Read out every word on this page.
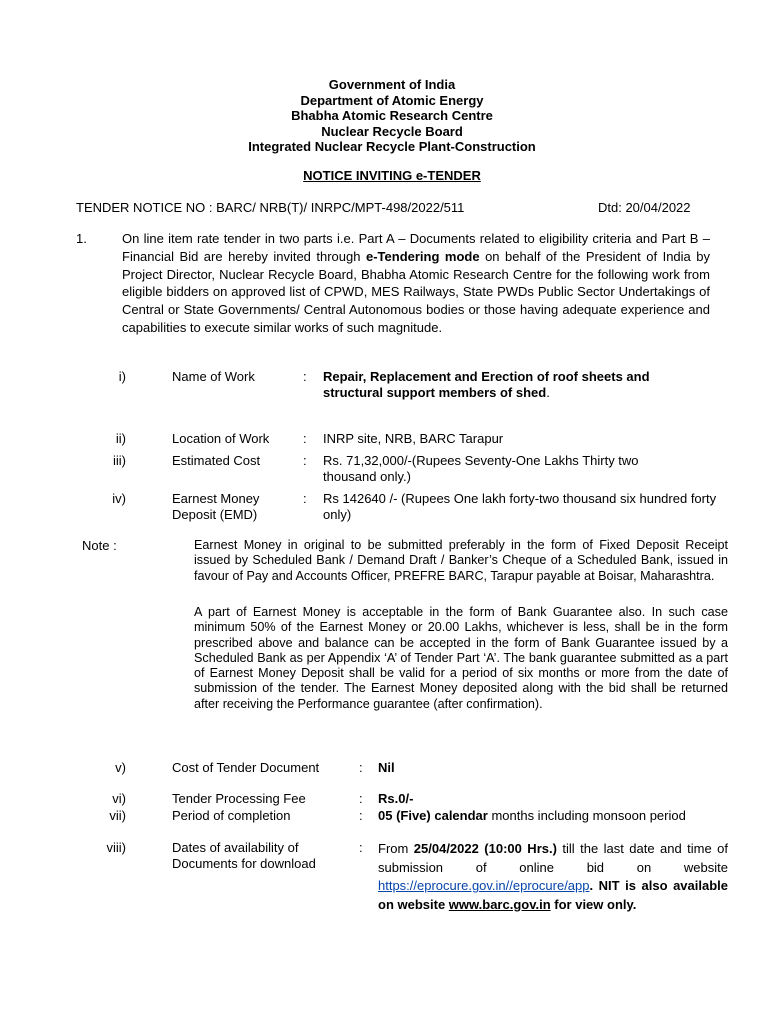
Government of India
Department of Atomic Energy
Bhabha Atomic Research Centre
Nuclear Recycle Board
Integrated Nuclear Recycle Plant-Construction
NOTICE INVITING e-TENDER
TENDER NOTICE NO : BARC/ NRB(T)/ INRPC/MPT-498/2022/511	Dtd: 20/04/2022
1.	On line item rate tender in two parts i.e. Part A – Documents related to eligibility criteria and Part B – Financial Bid are hereby invited through e-Tendering mode on behalf of the President of India by Project Director, Nuclear Recycle Board, Bhabha Atomic Research Centre for the following work from eligible bidders on approved list of CPWD, MES Railways, State PWDs Public Sector Undertakings of Central or State Governments/ Central Autonomous bodies or those having adequate experience and capabilities to execute similar works of such magnitude.
i)	Name of Work	: Repair, Replacement and Erection of roof sheets and structural support members of shed.
ii)	Location of Work	: INRP site, NRB, BARC Tarapur
iii)	Estimated Cost	: Rs. 71,32,000/-(Rupees Seventy-One Lakhs Thirty two thousand only.)
iv)	Earnest Money Deposit (EMD)
: Rs 142640 /- (Rupees One lakh forty-two thousand six hundred forty only)
Note :	Earnest Money in original to be submitted preferably in the form of Fixed Deposit Receipt issued by Scheduled Bank / Demand Draft / Banker’s Cheque of a Scheduled Bank, issued in favour of Pay and Accounts Officer, PREFRE BARC, Tarapur payable at Boisar, Maharashtra.
A part of Earnest Money is acceptable in the form of Bank Guarantee also. In such case minimum 50% of the Earnest Money or 20.00 Lakhs, whichever is less, shall be in the form prescribed above and balance can be accepted in the form of Bank Guarantee issued by a Scheduled Bank as per Appendix ‘A’ of Tender Part ‘A’. The bank guarantee submitted as a part of Earnest Money Deposit shall be valid for a period of six months or more from the date of submission of the tender. The Earnest Money deposited along with the bid shall be returned after receiving the Performance guarantee (after confirmation).
v)	Cost of Tender Document	: Nil
vi)	Tender Processing Fee	: Rs.0/-
vii)	Period of completion	: 05 (Five) calendar months including monsoon period
viii)	Dates of availability of Documents for download
: From 25/04/2022 (10:00 Hrs.) till the last date and time of submission of online bid on website https://eprocure.gov.in//eprocure/app. NIT is also available on website www.barc.gov.in for view only.
